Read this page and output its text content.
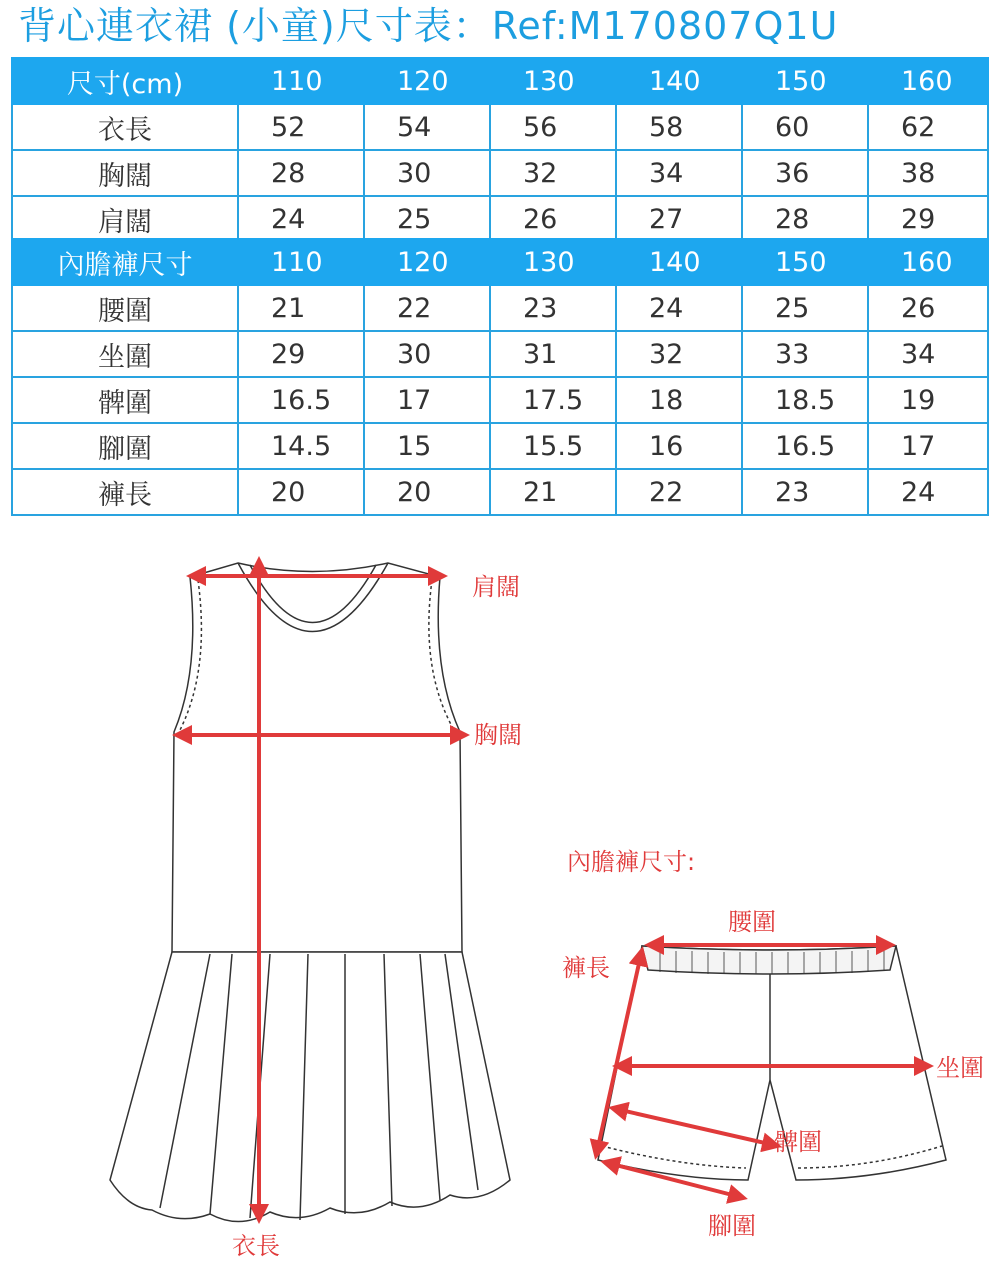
背心連衣裙 (小童)尺寸表：Ref:M170807Q1U
尺寸(cm)	110	120	130	140	150	160
衣長	52	54	56	58	60	62
胸闊	28	30	32	34	36	38
肩闊	24	25	26	27	28	29
內膽褲尺寸	110	120	130	140	150	160
腰圍	21	22	23	24	25	26
坐圍	29	30	31	32	33	34
髀圍	16.5	17	17.5	18	18.5	19
腳圍	14.5	15	15.5	16	16.5	17
褲長	20	20	21	22	23	24
肩闊
胸闊
衣長
內膽褲尺寸:
腰圍
褲長
坐圍
髀圍
腳圍
